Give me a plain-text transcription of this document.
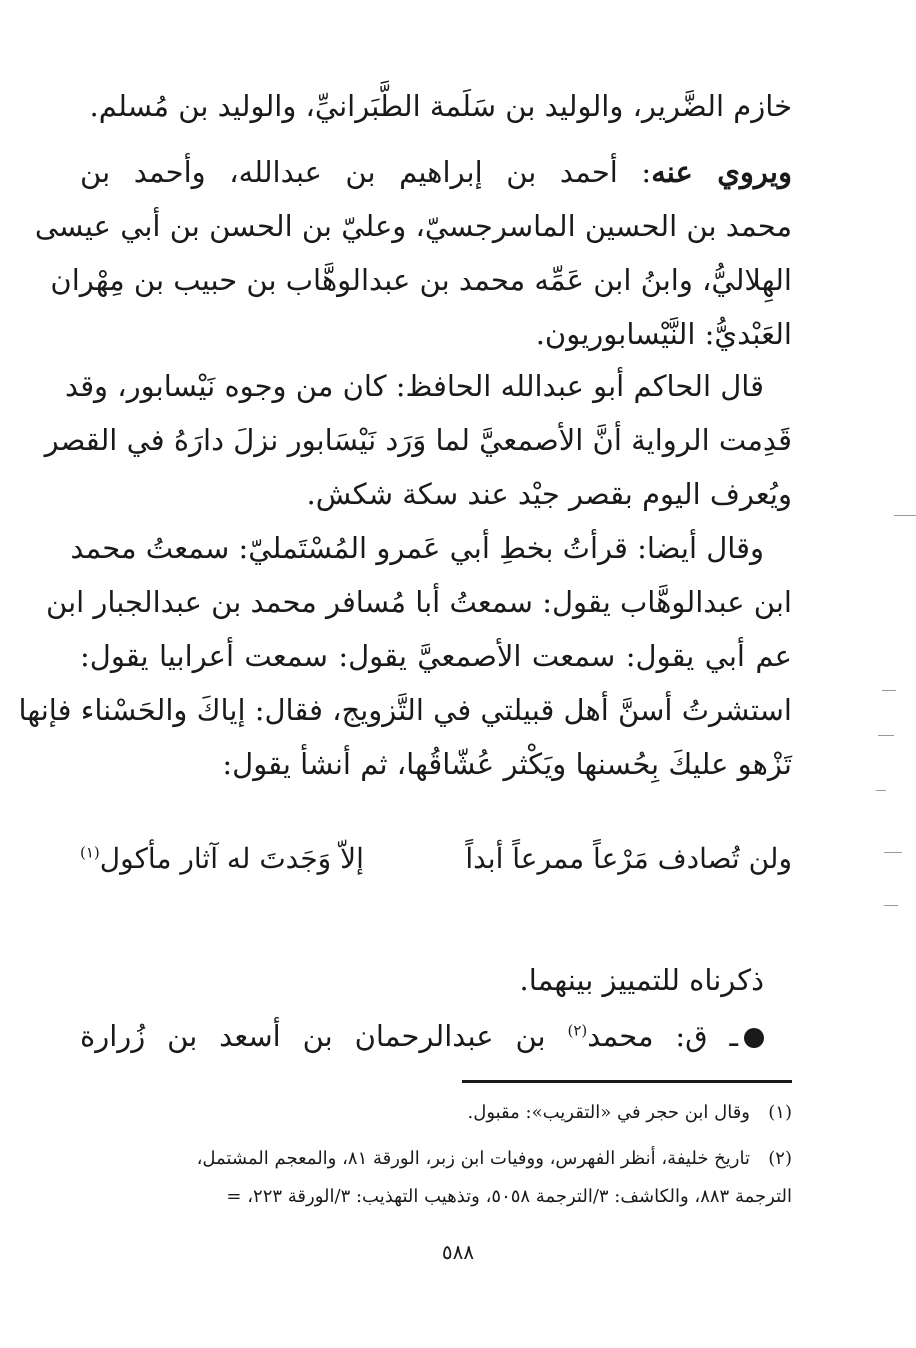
خازم الضَّرير، والوليد بن سَلَمة الطَّبَرانيِّ، والوليد بن مُسلم.
ويروي عنه: أحمد بن إبراهيم بن عبدالله، وأحمد بن
محمد بن الحسين الماسرجسيّ، وعليّ بن الحسن بن أبي عيسى
الهِلاليُّ، وابنُ ابن عَمِّه محمد بن عبدالوهَّاب بن حبيب بن مِهْران
العَبْديُّ: النَّيْسابوريون.
قال الحاكم أبو عبدالله الحافظ: كان من وجوه نَيْسابور، وقد
قَدِمت الرواية أنَّ الأصمعيَّ لما وَرَد نَيْسَابور نزلَ دارَهُ في القصر
ويُعرف اليوم بقصر جيْد عند سكة شكش.
وقال أيضا: قرأتُ بخطِ أبي عَمرو المُسْتَمليّ: سمعتُ محمد
ابن عبدالوهَّاب يقول: سمعتُ أبا مُسافر محمد بن عبدالجبار ابن
عم أبي يقول: سمعت الأصمعيَّ يقول: سمعت أعرابيا يقول:
استشرتُ أسنَّ أهل قبيلتي في التَّزويج، فقال: إياكَ والحَسْناء فإنها
تَزْهو عليكَ بِحُسنها ويَكْثر عُشّاقُها، ثم أنشأ يقول:
ولن تُصادف مَرْعاً ممرعاً أبداً
إلاّ وَجَدتَ له آثار مأكول$^{(١)}$
ذكرناه للتمييز بينهما.
ـ ق: محمد$^{(٢)}$ بن عبدالرحمان بن أسعد بن زُرارة
(١)وقال ابن حجر في «التقريب»: مقبول.
(٢)تاريخ خليفة، أنظر الفهرس، ووفيات ابن زبر، الورقة ٨١، والمعجم المشتمل،
الترجمة ٨٨٣، والكاشف: ٣/الترجمة ٥٠٥٨، وتذهيب التهذيب: ٣/الورقة ٢٢٣، =
٥٨٨
